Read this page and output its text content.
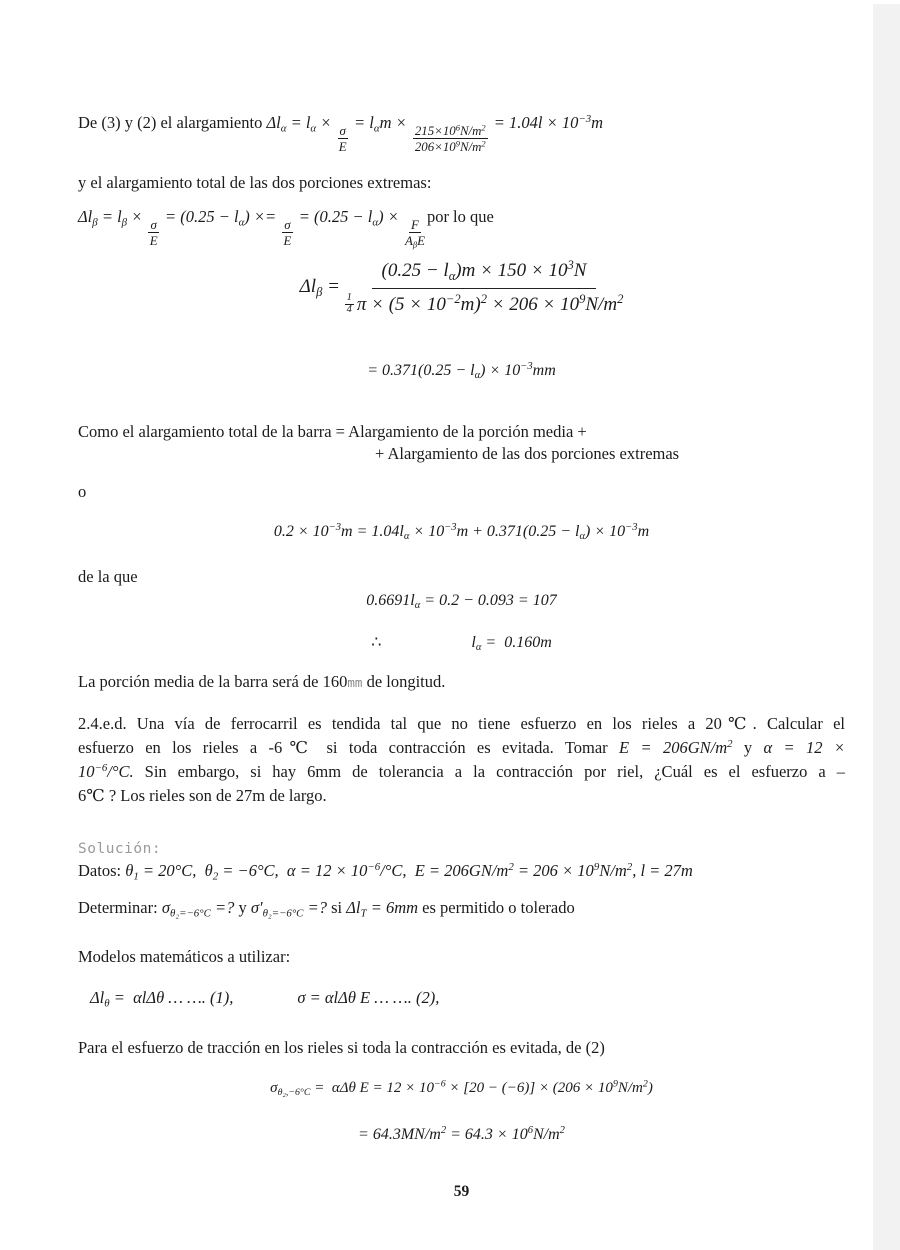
De (3) y (2) el alargamiento $\Delta l_\alpha = l_\alpha$ ×
$\frac{\sigma}{E}$
= $l_\alpha m$ ×
$\frac{215\times 10^6N/m^2}{206\times 10^9N/m^2}$
= $1.04l \times 10^{-3}m$
y el alargamiento total de las dos porciones extremas:
$\Delta l_\beta = l_\beta$ ×
$\frac{\sigma}{E}$
= $(0.25 - l_\alpha)$ ×=
$\frac{\sigma}{E}$
= $(0.25 - l_\alpha)$ ×
$\frac{F}{A_\beta E}$
por lo que
$\Delta l_\beta = (0.25 - l_\alpha)m \times 150 \times 10^3N$
1
4 $\pi \times (5 \times 10^{-2}m)^2 \times 206 \times 10^9N/m^2$
= $0.371(0.25 - l_\alpha) \times 10^{-3}mm$
Como el alargamiento total de la barra = Alargamiento de la porción media +
+ Alargamiento de las dos porciones extremas
o
$0.2 \times 10^{-3}m = 1.04l_\alpha \times 10^{-3}m + 0.371(0.25 - l_\alpha) \times 10^{-3}m$
de la que
$0.6691l_\alpha = 0.2 - 0.093 = 107$
∴	$l_\alpha = 0.160m$
La porción media de la barra será de 160mm de longitud.
2.4.e.d. Una vía de ferrocarril es tendida tal que no tiene esfuerzo en los rieles a 20℃. Calcular el
esfuerzo en los rieles a -6℃ si toda contracción es evitada. Tomar $E = 206GN/m^2$ y α = 12 ×
$10^{-6}/^\circ C$. Sin embargo, si hay 6mm de tolerancia a la contracción por riel, ¿Cuál es el esfuerzo a –
6℃ ? Los rieles son de 27m de largo.
Solución:
Datos: $\theta_1 = 20^\circ C$,  $\theta_2 = -6^\circ C$,  $\alpha = 12 \times 10^{-6}/^\circ C$,  $E = 206GN/m^2 = 206 \times 10^9N/m^2$, l = 27m
Determinar: $\sigma_{\theta_2=-6^\circ C}$ =? y $\sigma'_{\theta_2=-6^\circ C}$ =? si $\Delta l_T = 6mm$ es permitido o tolerado
Modelos matemáticos a utilizar:
$\Delta l_\theta = \alpha l\Delta\theta$ … …. (1),	σ = αlΔθ E … …. (2),
Para el esfuerzo de tracción en los rieles si toda la contracción es evitada, de (2)
$\sigma_{\theta_2,-6^\circ C} = \alpha\Delta\theta$ $E = 12 \times 10^{-6} \times [20 - (-6)] \times (206 \times 10^9N/m^2)$
= $64.3MN/m^2 = 64.3 \times 10^6N/m^2$
59
